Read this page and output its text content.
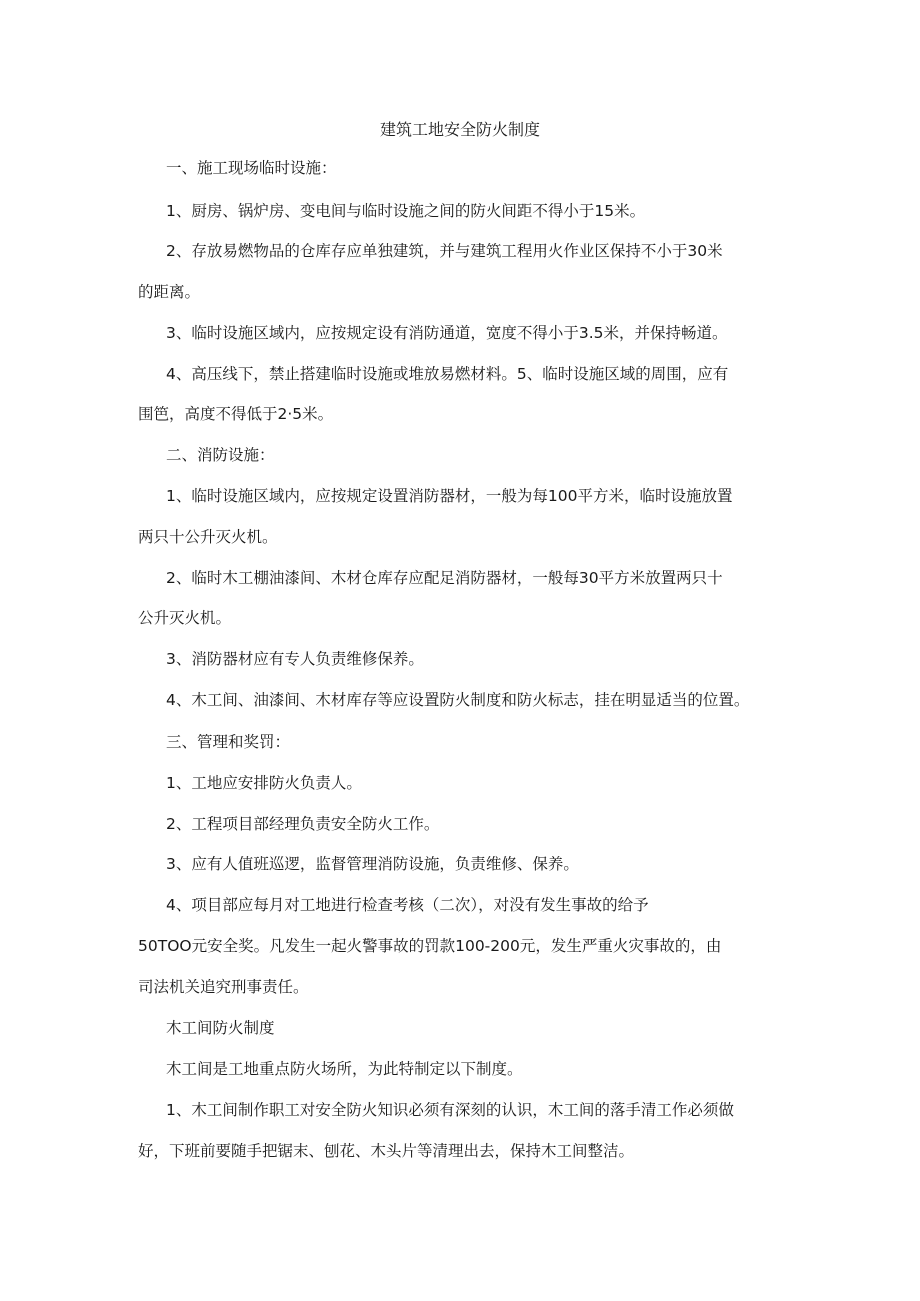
建筑工地安全防火制度
一、施工现场临时设施：
1、厨房、锅炉房、变电间与临时设施之间的防火间距不得小于15米。
2、存放易燃物品的仓库存应单独建筑，并与建筑工程用火作业区保持不小于30米
的距离。
3、临时设施区域内，应按规定设有消防通道，宽度不得小于3.5米，并保持畅道。
4、高压线下，禁止搭建临时设施或堆放易燃材料。5、临时设施区域的周围，应有
围笆，高度不得低于2·5米。
二、消防设施：
1、临时设施区域内，应按规定设置消防器材，一般为每100平方米，临时设施放置
两只十公升灭火机。
2、临时木工棚油漆间、木材仓库存应配足消防器材，一般每30平方米放置两只十
公升灭火机。
3、消防器材应有专人负责维修保养。
4、木工间、油漆间、木材库存等应设置防火制度和防火标志，挂在明显适当的位置。
三、管理和奖罚：
1、工地应安排防火负责人。
2、工程项目部经理负责安全防火工作。
3、应有人值班巡逻，监督管理消防设施，负责维修、保养。
4、项目部应每月对工地进行检查考核（二次），对没有发生事故的给予
50TOO元安全奖。凡发生一起火警事故的罚款100-200元，发生严重火灾事故的，由
司法机关追究刑事责任。
木工间防火制度
木工间是工地重点防火场所，为此特制定以下制度。
1、木工间制作职工对安全防火知识必须有深刻的认识，木工间的落手清工作必须做
好，下班前要随手把锯末、刨花、木头片等清理出去，保持木工间整洁。
